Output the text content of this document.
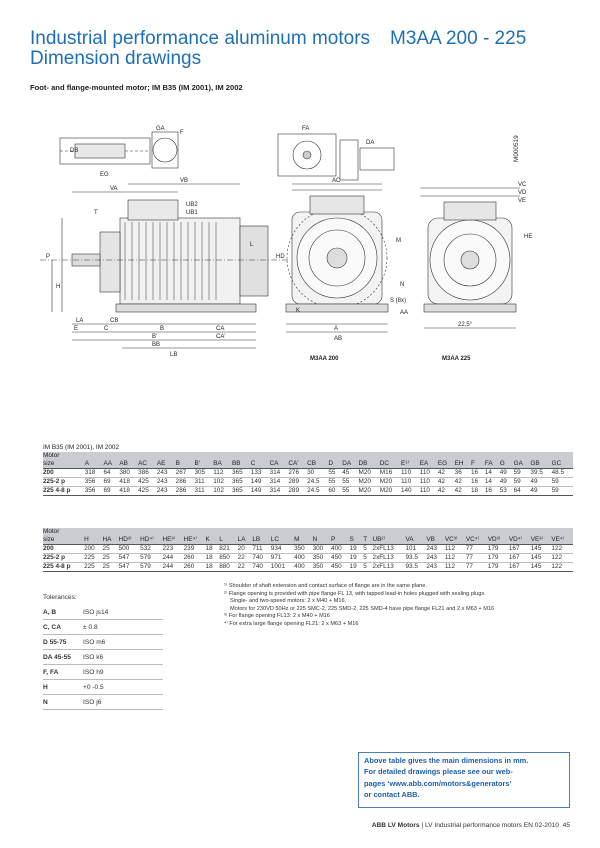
Industrial performance aluminum motors M3AA 200 - 225
Dimension drawings
Foot- and flange-mounted motor; IM B35 (IM 2001), IM 2002
DB
EG
GA
F
FA
DA
VA
VB
UB2
UB1
T
P
H
LA	CB
E	C	B
B'
BB
CA
CA'
LB
L
AC
HD
S (8x)
A
AB
K	AA
22,5°
VC
VD
VE
HE
M
N
M000519
M3AA 200	M3AA 225
IM B35 (IM 2001), IM 2002
Motor																											
size	A	AA	AB	AC	AE	B	B'	BA	BB	C	CA	CA'	CB	D	DA	DB	DC	E¹⁾	EA	EG	EH	F	FA	G	GA	GB	GC
200	318	64	380	386	243	267	305	112	365	133	314	276	30	55	45	M20	M16	110	110	42	36	16	14	49	59	39.5	48.5
225-2 p	356	69	418	425	243	286	311	102	365	149	314	289	24.5	55	55	M20	M20	110	110	42	42	16	14	49	59	49	59
225 4-8 p	356	69	418	425	243	286	311	102	365	149	314	289	24.5	60	55	M20	M20	140	110	42	42	18	16	53	64	49	59
Motor																									
size	H	HA	HD³⁾	HD⁴⁾	HE³⁾	HE⁴⁾	K	L	LA	LB	LC	M	N	P	S	T	UB²⁾	VA	VB	VC³⁾	VC⁴⁾	VD³⁾	VD⁴⁾	VE³⁾	VE⁴⁾
200	200	25	500	532	223	239	18	821	20	711	934	350	300	400	19	5	2xFL13	101	243	112	77	179	167	145	122
225-2 p	225	25	547	579	244	260	18	850	22	740	971	400	350	450	19	5	2xFL13	93.5	243	112	77	179	167	145	122
225 4-8 p	225	25	547	579	244	260	18	880	22	740	1001	400	350	450	19	5	2xFL13	93.5	243	112	77	179	167	145	122
Tolerances:
A, B	ISO js14
C, CA	± 0.8
D 55-75	ISO m6
DA 45-55	ISO k6
F, FA	ISO h9
H	+0 -0.5
N	ISO j6
¹⁾ Shoulder of shaft extension and contact surface of flange are in the same plane.
²⁾ Flange opening is provided with pipe flange FL 13, with tapped lead-in holes plugged with sealing plugs.
Single- and two-speed motors: 2 x M40 + M16.
Motors for 230VD 50Hz or 225 SMC-2, 225 SMD-2, 225 SMD-4 have pipe flange FL21 and 2 x M63 + M16
³⁾ For flange opening FL13: 2 x M40 + M16
⁴⁾ For extra large flange opening FL21: 2 x M63 + M16
Above table gives the main dimensions in mm.
For detailed drawings please see our web-
pages ‘www.abb.com/motors&generators’
or contact ABB.
ABB LV Motors | LV Industrial performance motors EN 02-2010 45
